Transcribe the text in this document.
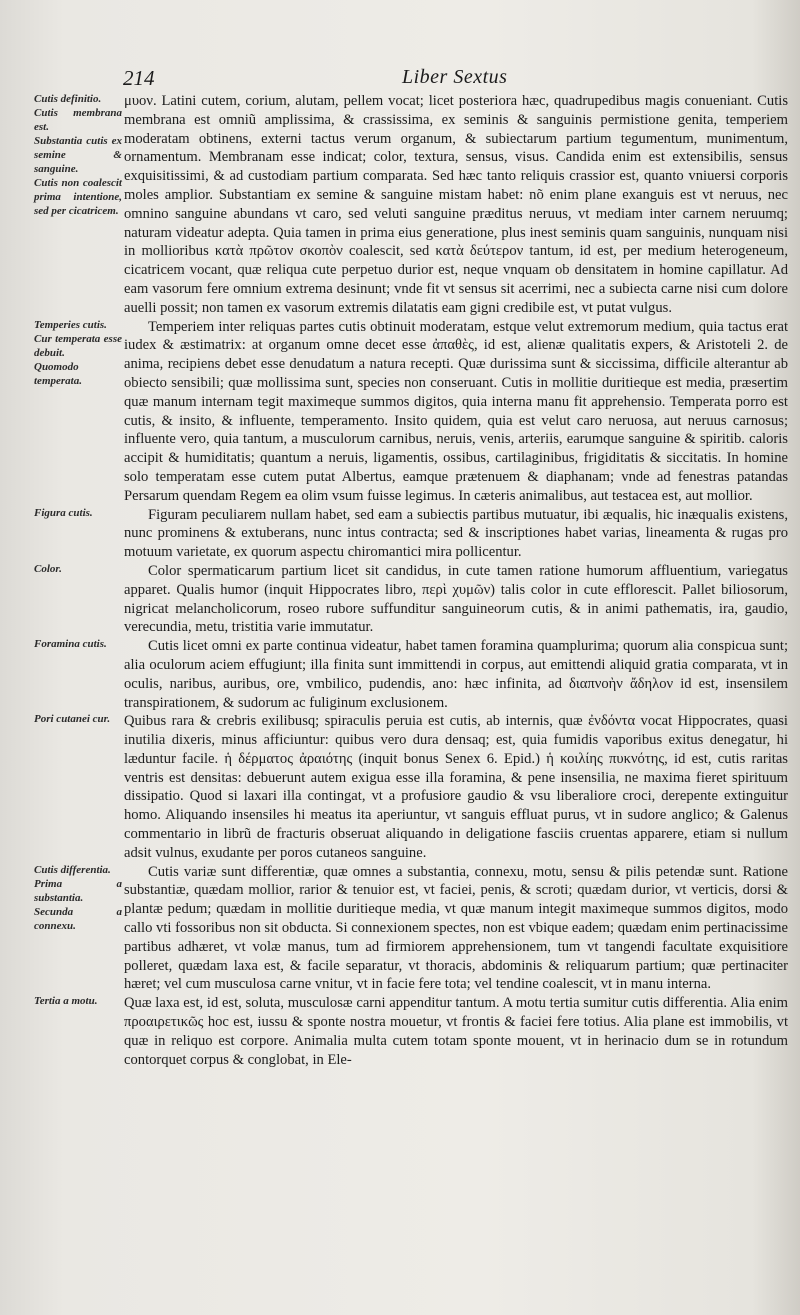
214	Liber Sextus
Cutis definitio.
Cutis membrana est.
Substantia cutis ex semine & sanguine.
Cutis non coalescit prima intentione, sed per cicatricem.

μυον. Latini cutem, corium, alutam, pellem vocat; licet posteriora hæc, quadrupedibus magis conueniant. Cutis membrana est omniũ amplissima, & crassissima, ex seminis & sanguinis permistione genita, temperiem moderatam obtinens, externi tactus verum organum, & subiectarum partium tegumentum, munimentum, ornamentum. Membranam esse indicat; color, textura, sensus, visus. Candida enim est extensibilis, sensus exquisitissimi, & ad custodiam partium comparata. Sed hæc tanto reliquis crassior est, quanto vniuersi corporis moles amplior. Substantiam ex semine & sanguine mistam habet: nõ enim plane exanguis est vt neruus, nec omnino sanguine abundans vt caro, sed veluti sanguine præditus neruus, vt mediam inter carnem neruumq; naturam videatur adepta. Quia tamen in prima eius generatione, plus inest seminis quam sanguinis, nunquam nisi in mollioribus κατὰ πρῶτον σκοπὸν coalescit, sed κατὰ δεύτερον tantum, id est, per medium heterogeneum, cicatricem vocant, quæ reliqua cute perpetuo durior est, neque vnquam ob densitatem in homine capillatur. Ad eam vasorum fere omnium extrema desinunt; vnde fit vt sensus sit acerrimi, nec a subiecta carne nisi cum dolore auelli possit; non tamen ex vasorum extremis dilatatis eam gigni credibile est, vt putat vulgus.

Temperies cutis.
Cur temperata esse debuit.
Quomodo temperata.

Temperiem inter reliquas partes cutis obtinuit moderatam, estque velut extremorum medium, quia tactus erat iudex & æstimatrix: at organum omne decet esse ἀπαθὲς, id est, alienæ qualitatis expers, & Aristoteli 2. de anima, recipiens debet esse denudatum a natura recepti. Quæ durissima sunt & siccissima, difficile alterantur ab obiecto sensibili; quæ mollissima sunt, species non conseruant. Cutis in mollitie duritieque est media, præsertim quæ manum internam tegit maximeque summos digitos, quia interna manu fit apprehensio. Temperata porro est cutis, & insito, & influente, temperamento. Insito quidem, quia est velut caro neruosa, aut neruus carnosus; influente vero, quia tantum, a musculorum carnibus, neruis, venis, arteriis, earumque sanguine & spiritib. caloris accipit & humiditatis; quantum a neruis, ligamentis, ossibus, cartilaginibus, frigiditatis & siccitatis. In homine solo temperatam esse cutem putat Albertus, eamque prætenuem & diaphanam; vnde ad fenestras patandas Persarum quendam Regem ea olim vsum fuisse legimus. In cæteris animalibus, aut testacea est, aut mollior.

Figura cutis.	Figuram peculiarem nullam habet, sed eam a subiectis partibus mutuatur, ibi æqualis, hic inæqualis existens, nunc prominens & extuberans, nunc intus contracta; sed & inscriptiones habet varias, lineamenta & rugas pro motuum varietate, ex quorum aspectu chiromantici mira pollicentur.

Color.	Color spermaticarum partium licet sit candidus, in cute tamen ratione humorum affluentium, variegatus apparet. Qualis humor (inquit Hippocrates libro, περὶ χυμῶν) talis color in cute efflorescit. Pallet biliosorum, nigricat melancholicorum, roseo rubore suffunditur sanguineorum cutis, & in animi pathematis, ira, gaudio, verecundia, metu, tristitia varie immutatur.

Foramina cutis.	Cutis licet omni ex parte continua videatur, habet tamen foramina quamplurima; quorum alia conspicua sunt; alia oculorum aciem effugiunt; illa finita sunt immittendi in corpus, aut emittendi aliquid gratia comparata, vt in oculis, naribus, auribus, ore, vmbilico, pudendis, ano: hæc infinita, ad διαπνοὴν ἄδηλον id est, insensilem transpirationem, & sudorum ac fuliginum exclusionem.

Pori cutanei cur. Quibus rara & crebris exilibusq; spiraculis peruia est cutis, ab internis, quæ ἐνδόντα vocat Hippocrates, quasi inutilia dixeris, minus afficiuntur: quibus vero dura densaq; est, quia fumidis vaporibus exitus denegatur, hi læduntur facile. ἡ δέρματος ἀραιότης (inquit bonus Senex 6. Epid.) ἡ κοιλίης πυκνότης, id est, cutis raritas ventris est densitas: debuerunt autem exigua esse illa foramina, & pene insensilia, ne maxima fieret spirituum dissipatio. Quod si laxari illa contingat, vt a profusiore gaudio & vsu liberaliore croci, derepente extinguitur homo. Aliquando insensiles hi meatus ita aperiuntur, vt sanguis effluat purus, vt in sudore anglico; & Galenus commentario in librũ de fracturis obseruat aliquando in deligatione fasciis cruentas apparere, etiam si nullum adsit vulnus, exudante per poros cutaneos sanguine.

Cutis differentia.
Prima a substantia.
Secunda a connexu.

Cutis variæ sunt differentiæ, quæ omnes a substantia, connexu, motu, sensu & pilis petendæ sunt. Ratione substantiæ, quædam mollior, rarior & tenuior est, vt faciei, penis, & scroti; quædam durior, vt verticis, dorsi & plantæ pedum; quædam in mollitie duritieque media, vt quæ manum integit maximeque summos digitos, modo callo vti fossoribus non sit obducta. Si connexionem spectes, non est vbique eadem; quædam enim pertinacissime partibus adhæret, vt volæ manus, tum ad firmiorem apprehensionem, tum vt tangendi facultate exquisitiore polleret, quædam laxa est, & facile separatur, vt thoracis, abdominis & reliquarum partium; quæ pertinaciter hæret; vel cum musculosa carne vnitur, vt in facie fere tota; vel tendine coalescit, vt in manu interna.

Tertia a motu.	Quæ laxa est, id est, soluta, musculosæ carni appenditur tantum. A motu tertia sumitur cutis differentia. Alia enim προαιρετικῶς hoc est, iussu & sponte nostra mouetur, vt frontis & faciei fere totius. Alia plane est immobilis, vt quæ in reliquo est corpore. Animalia multa cutem totam sponte mouent, vt in herinacio dum se in rotundum contorquet corpus & conglobat, in Ele-
